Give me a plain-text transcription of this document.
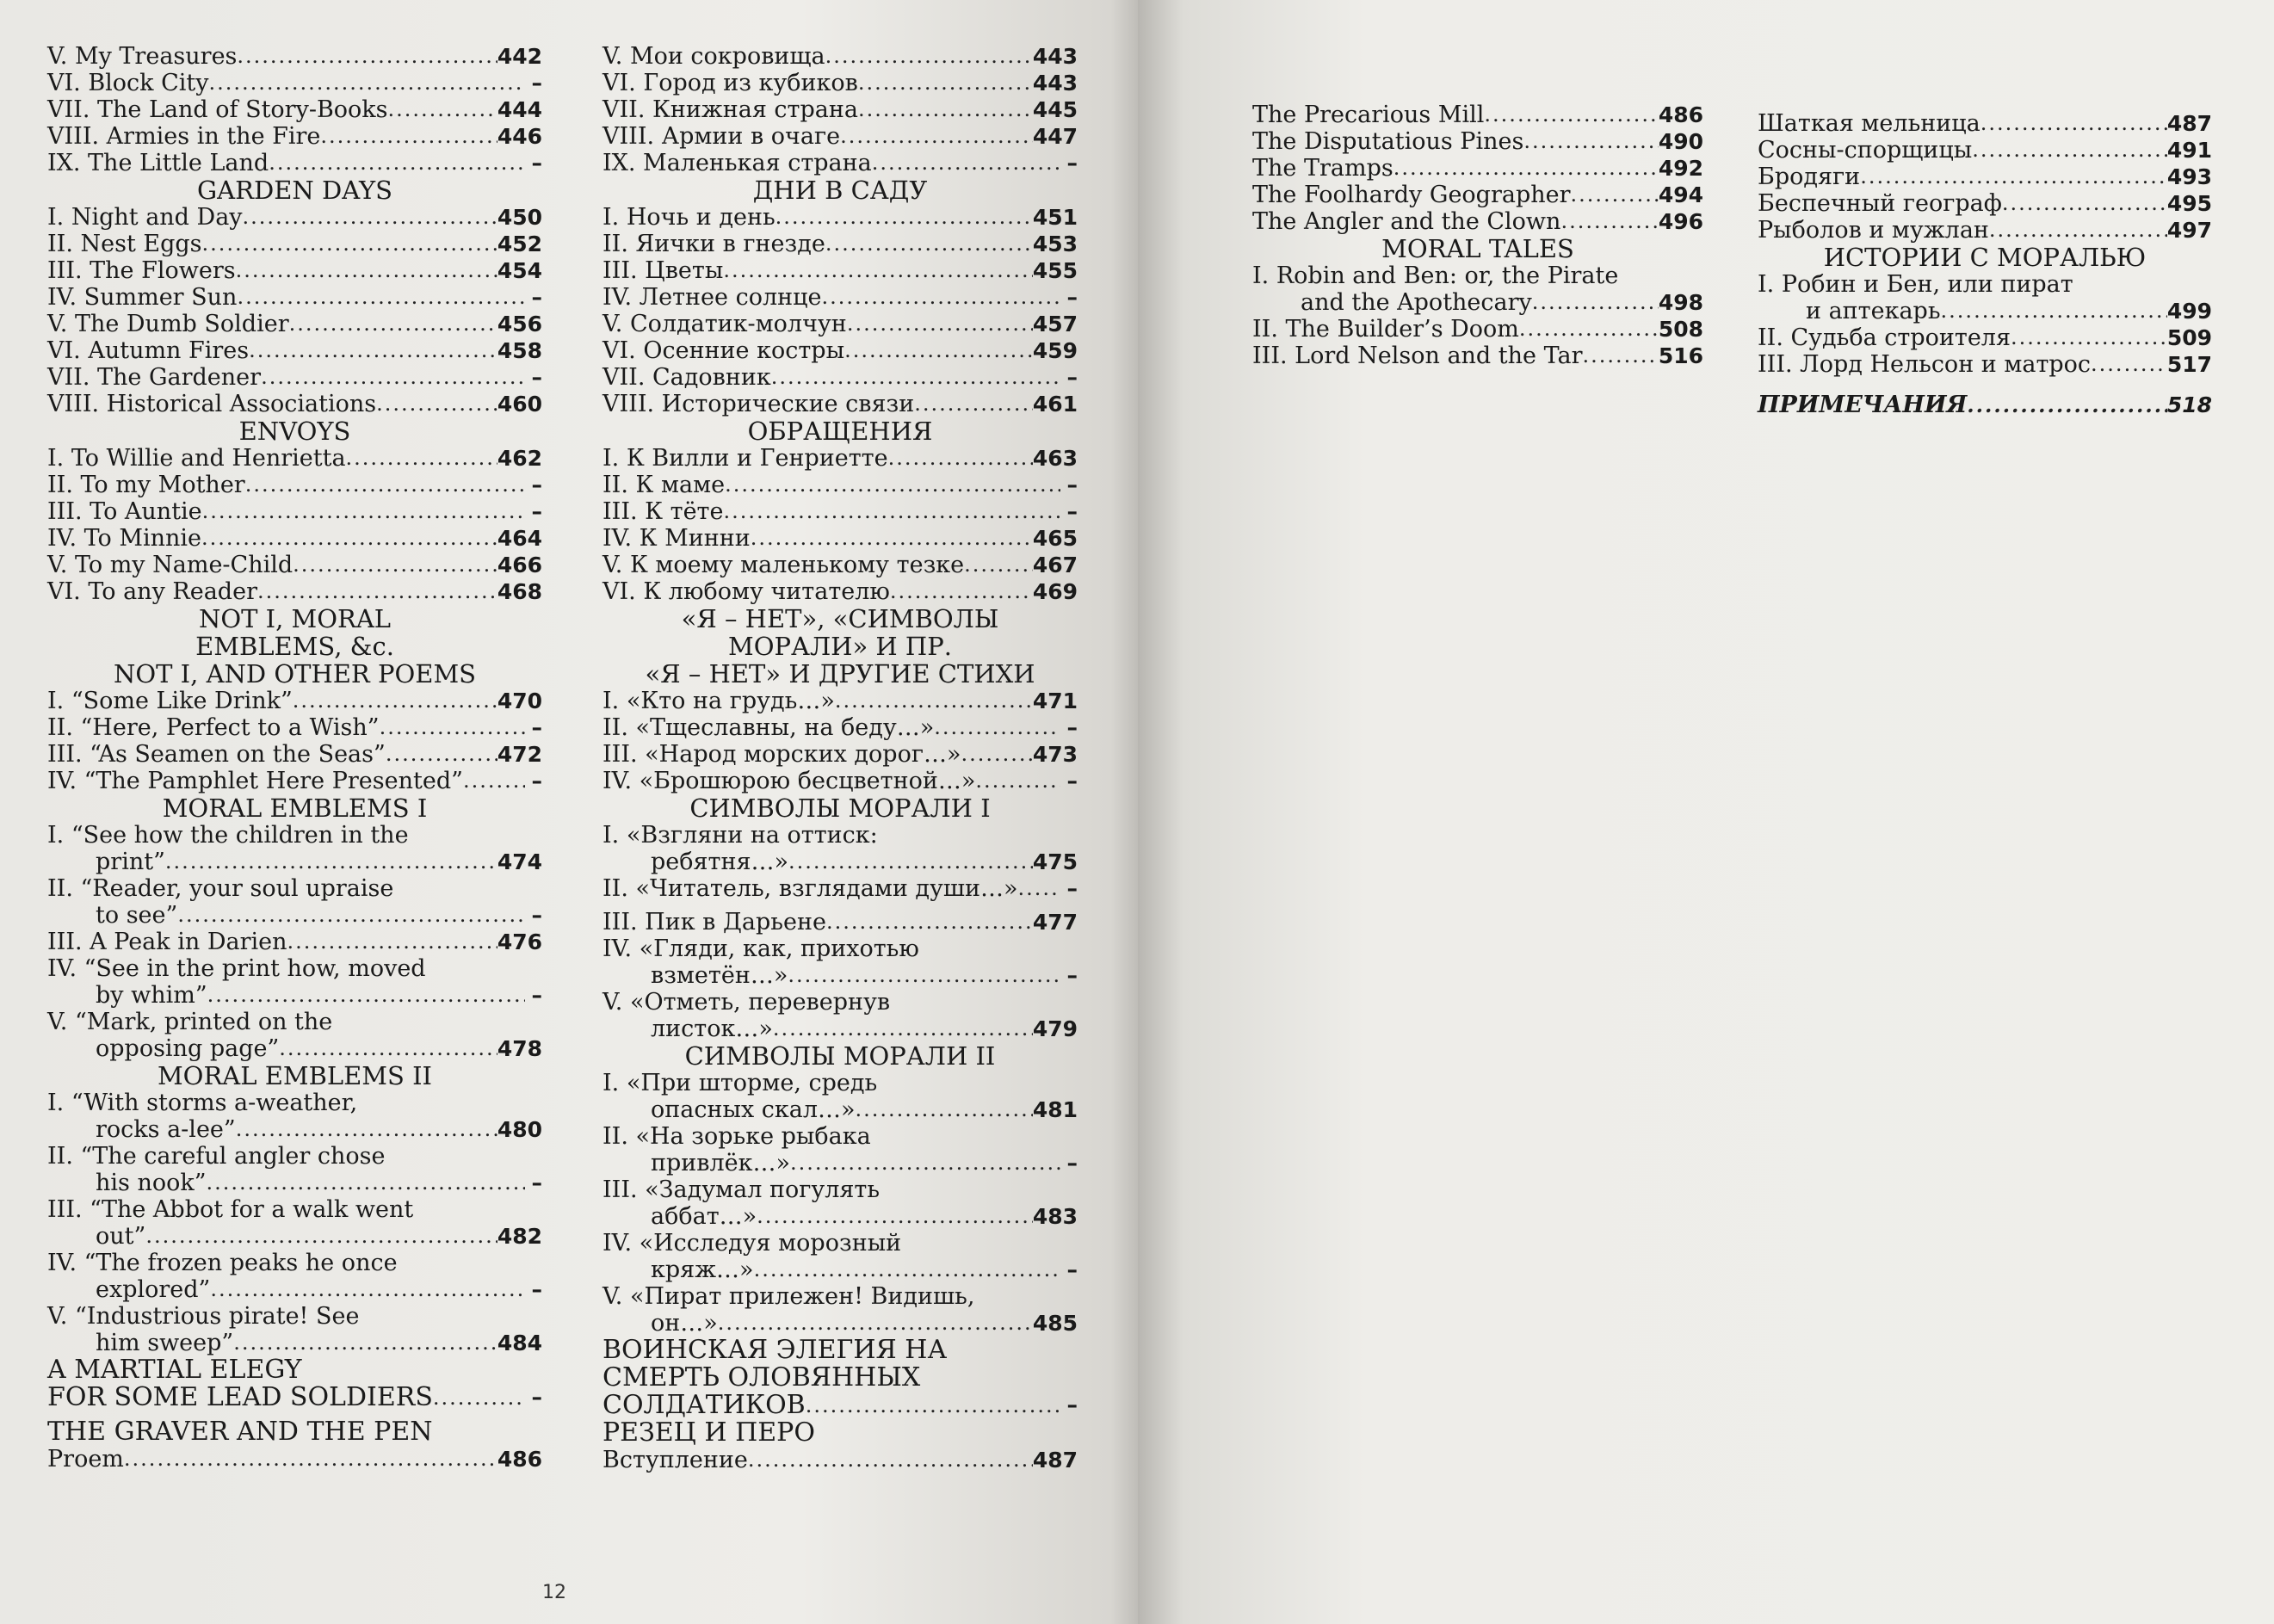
V. My Treasures .....	442
VI. Block City .....	–
VII. The Land of Story-Books .....	444
VIII. Armies in the Fire .....	446
IX. The Little Land .....	–
GARDEN DAYS
I. Night and Day .....	450
II. Nest Eggs .....	452
III. The Flowers .....	454
IV. Summer Sun .....	–
V. The Dumb Soldier .....	456
VI. Autumn Fires .....	458
VII. The Gardener .....	–
VIII. Historical Associations .....	460
ENVOYS
I. To Willie and Henrietta .....	462
II. To my Mother .....	–
III. To Auntie .....	–
IV. To Minnie .....	464
V. To my Name-Child .....	466
VI. To any Reader .....	468
NOT I, MORAL
EMBLEMS, &c.
NOT I, AND OTHER POEMS
I. “Some Like Drink” .....	470
II. “Here, Perfect to a Wish” .....	–
III. “As Seamen on the Seas” .....	472
IV. “The Pamphlet Here Presented” .....	–
MORAL EMBLEMS I
I. “See how the children in the
print” .....	474
II. “Reader, your soul upraise
to see” .....	–
III. A Peak in Darien .....	476
IV. “See in the print how, moved
by whim” .....	–
V. “Mark, printed on the
opposing page” .....	478
MORAL EMBLEMS II
I. “With storms a-weather,
rocks a-lee” .....	480
II. “The careful angler chose
his nook” .....	–
III. “The Abbot for a walk went
out” .....	482
IV. “The frozen peaks he once
explored” .....	–
V. “Industrious pirate! See
him sweep” .....	484
A MARTIAL ELEGY
FOR SOME LEAD SOLDIERS .....	–
THE GRAVER AND THE PEN
Proem .....	486
V. Мои сокровища .....	443
VI. Город из кубиков .....	443
VII. Книжная страна .....	445
VIII. Армии в очаге .....	447
IX. Маленькая страна .....	–
ДНИ В САДУ
I. Ночь и день .....	451
II. Яички в гнезде .....	453
III. Цветы .....	455
IV. Летнее солнце .....	–
V. Солдатик-молчун .....	457
VI. Осенние костры .....	459
VII. Садовник .....	–
VIII. Исторические связи .....	461
ОБРАЩЕНИЯ
I. К Вилли и Генриетте .....	463
II. К маме .....	–
III. К тёте .....	–
IV. К Минни .....	465
V. К моему маленькому тезке .....	467
VI. К любому читателю .....	469
«Я – НЕТ», «СИМВОЛЫ
МОРАЛИ» И ПР.
«Я – НЕТ» И ДРУГИЕ СТИХИ
I. «Кто на грудь…» .....	471
II. «Тщеславны, на беду…» .....	–
III. «Народ морских дорог…» .....	473
IV. «Брошюрою бесцветной…» .....	–
СИМВОЛЫ МОРАЛИ I
I. «Взгляни на оттиск:
ребятня…» .....	475
II. «Читатель, взглядами души…» .....	–
III. Пик в Дарьене .....	477
IV. «Гляди, как, прихотью
взметён…» .....	–
V. «Отметь, перевернув
листок…» .....	479
СИМВОЛЫ МОРАЛИ II
I. «При шторме, средь
опасных скал…» .....	481
II. «На зорьке рыбака
привлёк…» .....	–
III. «Задумал погулять
аббат…» .....	483
IV. «Исследуя морозный
кряж…» .....	–
V. «Пират прилежен! Видишь,
он…» .....	485
ВОИНСКАЯ ЭЛЕГИЯ НА
СМЕРТЬ ОЛОВЯННЫХ
СОЛДАТИКОВ .....	–
РЕЗЕЦ И ПЕРО
Вступление .....	487
12
The Precarious Mill .....	486
The Disputatious Pines .....	490
The Tramps .....	492
The Foolhardy Geographer .....	494
The Angler and the Clown .....	496
MORAL TALES
I. Robin and Ben: or, the Pirate
and the Apothecary .....	498
II. The Builder’s Doom .....	508
III. Lord Nelson and the Tar .....	516
Шаткая мельница .....	487
Сосны-спорщицы .....	491
Бродяги .....	493
Беспечный географ .....	495
Рыболов и мужлан .....	497
ИСТОРИИ С МОРАЛЬЮ
I. Робин и Бен, или пират
и аптекарь .....	499
II. Судьба строителя .....	509
III. Лорд Нельсон и матрос .....	517
ПРИМЕЧАНИЯ .....	518
